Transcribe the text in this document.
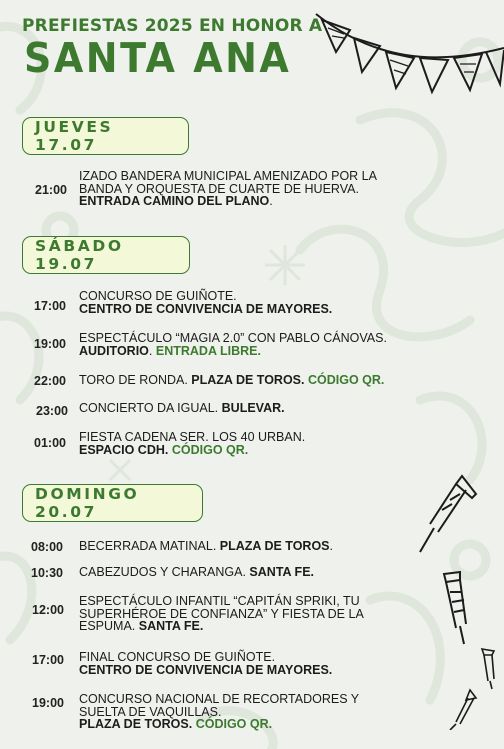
PREFIESTAS 2025 EN HONOR A
SANTA ANA
JUEVES 17.07
21:00
IZADO BANDERA MUNICIPAL AMENIZADO POR LA
BANDA Y ORQUESTA DE CUARTE DE HUERVA.
ENTRADA CAMINO DEL PLANO.
SÁBADO 19.07
17:00
CONCURSO DE GUIÑOTE.
CENTRO DE CONVIVENCIA DE MAYORES.
19:00 ESPECTÁCULO “MAGIA 2.0” CON PABLO CÁNOVAS.
AUDITORIO. ENTRADA LIBRE.
22:00 TORO DE RONDA. PLAZA DE TOROS. CÓDIGO QR.
23:00 CONCIERTO DA IGUAL. BULEVAR.
01:00 FIESTA CADENA SER. LOS 40 URBAN.
ESPACIO CDH. CÓDIGO QR.
DOMINGO 20.07
08:00 BECERRADA MATINAL. PLAZA DE TOROS.
10:30 CABEZUDOS Y CHARANGA. SANTA FE.
12:00
ESPECTÁCULO INFANTIL “CAPITÁN SPRIKI, TU
SUPERHÉROE DE CONFIANZA” Y FIESTA DE LA
ESPUMA. SANTA FE.
17:00 FINAL CONCURSO DE GUIÑOTE.
CENTRO DE CONVIVENCIA DE MAYORES.
19:00 CONCURSO NACIONAL DE RECORTADORES Y
SUELTA DE VAQUILLAS.
PLAZA DE TOROS. CÓDIGO QR.
